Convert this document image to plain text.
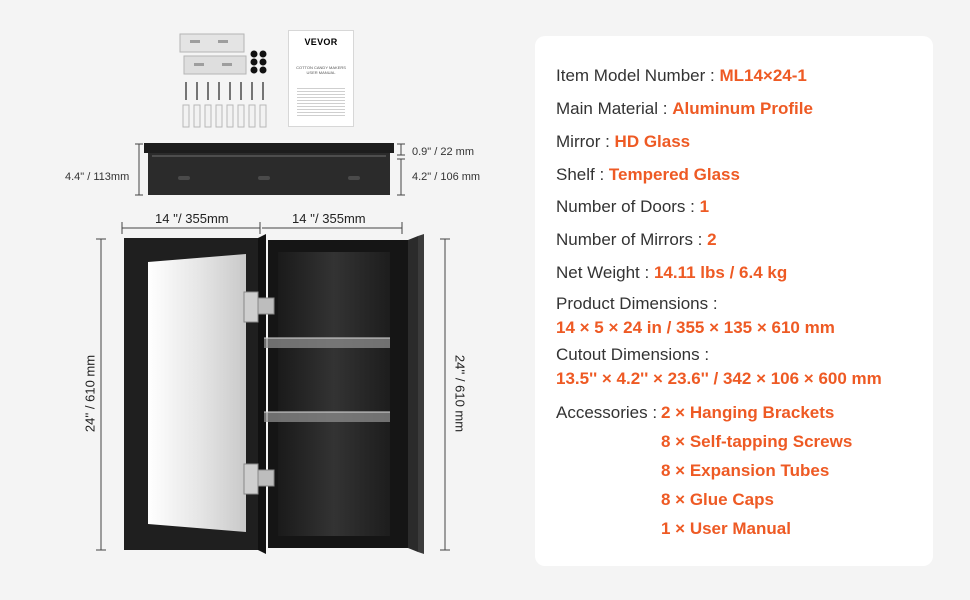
VEVOR
COTTON CANDY MAKERS
USER MANUAL
4.4" / 113mm
0.9" / 22 mm
4.2" / 106 mm
14 ''/ 355mm	14 ''/ 355mm
24'' / 610 mm	24'' / 610 mm
Item Model Number : ML14×24-1
Main Material : Aluminum Profile
Mirror : HD Glass
Shelf : Tempered Glass
Number of Doors : 1
Number of Mirrors : 2
Net Weight : 14.11 lbs / 6.4 kg
Product Dimensions :
14 × 5 × 24 in / 355 × 135 × 610 mm
Cutout Dimensions :
13.5'' × 4.2'' × 23.6'' / 342 × 106 × 600 mm
Accessories : 2 × Hanging Brackets
8 × Self-tapping Screws
8 × Expansion Tubes
8 × Glue Caps
1 × User Manual
